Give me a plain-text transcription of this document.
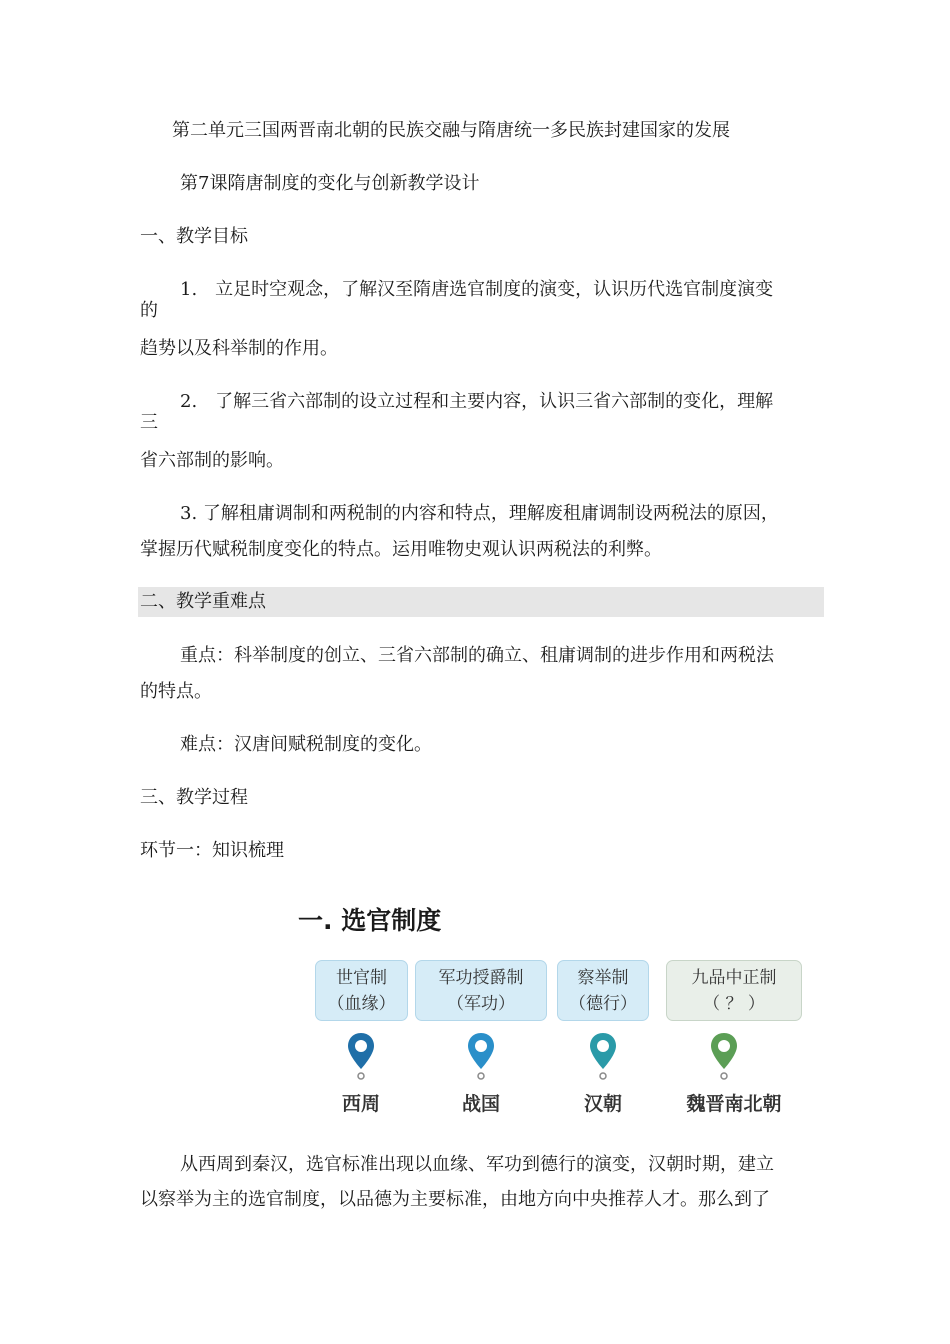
第二单元三国两晋南北朝的民族交融与隋唐统一多民族封建国家的发展
第7课隋唐制度的变化与创新教学设计
一、教学目标
1.　立足时空观念，了解汉至隋唐选官制度的演变，认识历代选官制度演变
的
趋势以及科举制的作用。
2.　了解三省六部制的设立过程和主要内容，认识三省六部制的变化，理解
三
省六部制的影响。
3. 了解租庸调制和两税制的内容和特点，理解废租庸调制设两税法的原因，
掌握历代赋税制度变化的特点。运用唯物史观认识两税法的利弊。
二、教学重难点
重点：科举制度的创立、三省六部制的确立、租庸调制的进步作用和两税法
的特点。
难点：汉唐间赋税制度的变化。
三、教学过程
环节一：知识梳理
一. 选官制度
世官制
（血缘）
军功授爵制
（军功）
察举制
（德行）
九品中正制
（ ？ ）
西周	战国	汉朝	魏晋南北朝
从西周到秦汉，选官标准出现以血缘、军功到德行的演变，汉朝时期，建立
以察举为主的选官制度，以品德为主要标准，由地方向中央推荐人才。那么到了
